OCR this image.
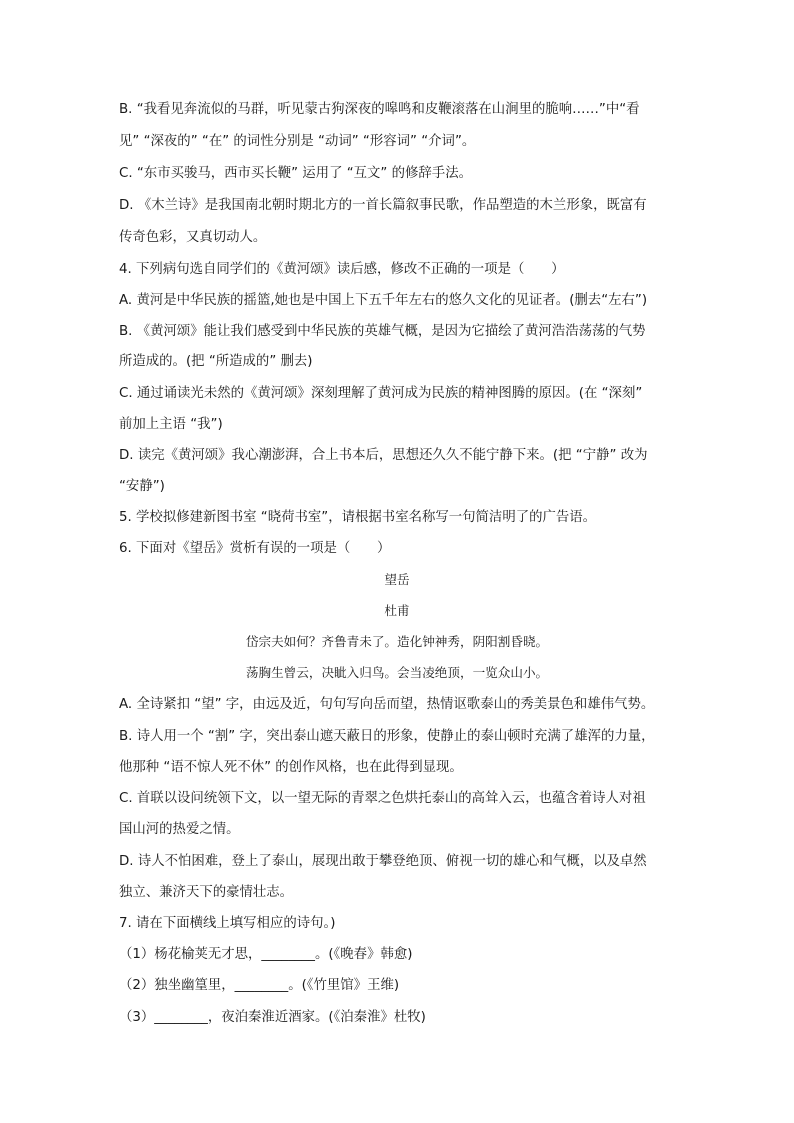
B. “我看见奔流似的马群，听见蒙古狗深夜的嗥鸣和皮鞭滚落在山涧里的脆响……”中“看
见” “深夜的” “在” 的词性分别是 “动词” “形容词” “介词”。
C. “东市买骏马，西市买长鞭” 运用了 “互文” 的修辞手法。
D. 《木兰诗》是我国南北朝时期北方的一首长篇叙事民歌，作品塑造的木兰形象，既富有
传奇色彩，又真切动人。
4. 下列病句选自同学们的《黄河颂》读后感，修改不正确的一项是（　　）
A. 黄河是中华民族的摇篮,她也是中国上下五千年左右的悠久文化的见证者。(删去“左右”)
B. 《黄河颂》能让我们感受到中华民族的英雄气概，是因为它描绘了黄河浩浩荡荡的气势
所造成的。(把 “所造成的” 删去)
C. 通过诵读光未然的《黄河颂》深刻理解了黄河成为民族的精神图腾的原因。(在 “深刻”
前加上主语 “我”)
D. 读完《黄河颂》我心潮澎湃，合上书本后，思想还久久不能宁静下来。(把 “宁静” 改为
“安静”)
5. 学校拟修建新图书室 “晓荷书室”，请根据书室名称写一句简洁明了的广告语。
6. 下面对《望岳》赏析有误的一项是（　　）
望岳
杜甫
岱宗夫如何？齐鲁青未了。造化钟神秀，阴阳割昏晓。
荡胸生曾云，决眦入归鸟。会当凌绝顶，一览众山小。
A. 全诗紧扣 “望” 字，由远及近，句句写向岳而望，热情讴歌泰山的秀美景色和雄伟气势。
B. 诗人用一个 “割” 字，突出泰山遮天蔽日的形象，使静止的泰山顿时充满了雄浑的力量，
他那种 “语不惊人死不休” 的创作风格，也在此得到显现。
C. 首联以设问统领下文，以一望无际的青翠之色烘托泰山的高耸入云，也蕴含着诗人对祖
国山河的热爱之情。
D. 诗人不怕困难，登上了泰山，展现出敢于攀登绝顶、俯视一切的雄心和气概，以及卓然
独立、兼济天下的豪情壮志。
7. 请在下面横线上填写相应的诗句。)
（1）杨花榆荚无才思，________。(《晚春》韩愈)
（2）独坐幽篁里，________。(《竹里馆》王维)
（3）________，夜泊秦淮近酒家。(《泊秦淮》杜牧)
